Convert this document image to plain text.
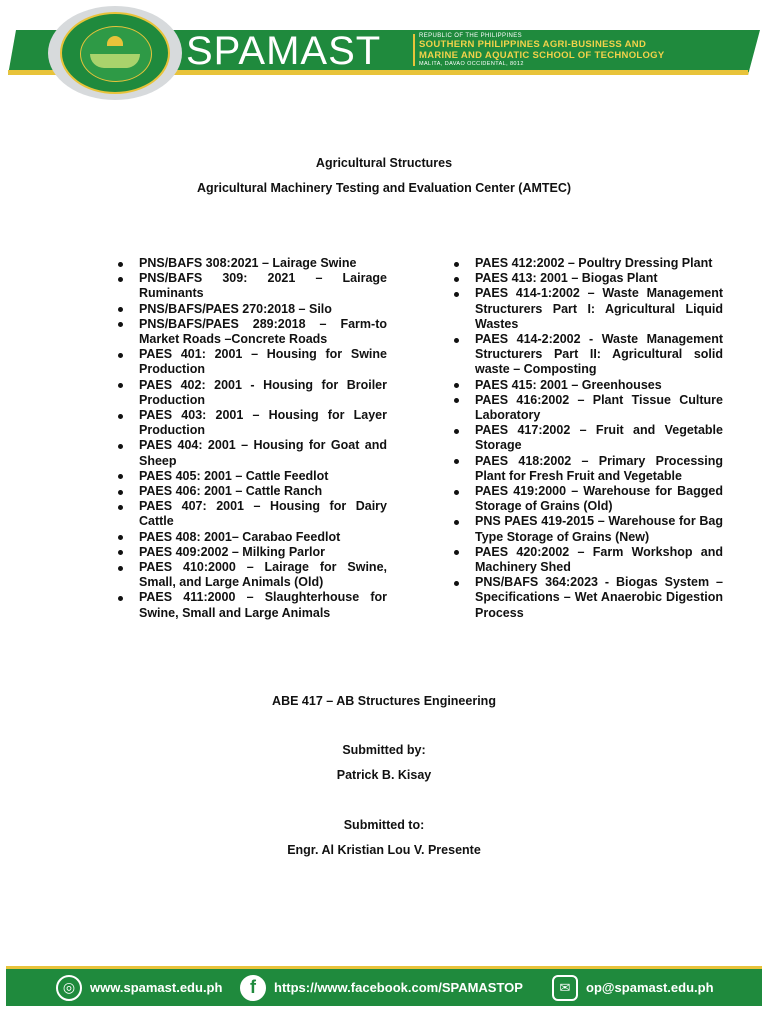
SPAMAST	REPUBLIC OF THE PHILIPPINES
SOUTHERN PHILIPPINES AGRI-BUSINESS AND
MARINE AND AQUATIC SCHOOL OF TECHNOLOGY
MALITA, DAVAO OCCIDENTAL, 8012
Agricultural Structures
Agricultural Machinery Testing and Evaluation Center (AMTEC)
PNS/BAFS 308:2021 – Lairage Swine
PNS/BAFS 309: 2021 – Lairage Ruminants
PNS/BAFS/PAES 270:2018 – Silo
PNS/BAFS/PAES 289:2018 – Farm-to Market Roads –Concrete Roads
PAES 401: 2001 – Housing for Swine Production
PAES 402: 2001 - Housing for Broiler Production
PAES 403: 2001 – Housing for Layer Production
PAES 404: 2001 – Housing for Goat and Sheep
PAES 405: 2001 – Cattle Feedlot
PAES 406: 2001 – Cattle Ranch
PAES 407: 2001 – Housing for Dairy Cattle
PAES 408: 2001– Carabao Feedlot
PAES 409:2002 – Milking Parlor
PAES 410:2000 – Lairage for Swine, Small, and Large Animals (Old)
PAES 411:2000 – Slaughterhouse for Swine, Small and Large Animals
PAES 412:2002 – Poultry Dressing Plant
PAES 413: 2001 – Biogas Plant
PAES 414-1:2002 – Waste Management Structurers Part I: Agricultural Liquid Wastes
PAES 414-2:2002 - Waste Management Structurers Part II: Agricultural solid waste – Composting
PAES 415: 2001 – Greenhouses
PAES 416:2002 – Plant Tissue Culture Laboratory
PAES 417:2002 – Fruit and Vegetable Storage
PAES 418:2002 – Primary Processing Plant for Fresh Fruit and Vegetable
PAES 419:2000 – Warehouse for Bagged Storage of Grains (Old)
PNS PAES 419-2015 – Warehouse for Bag Type Storage of Grains (New)
PAES 420:2002 – Farm Workshop and Machinery Shed
PNS/BAFS 364:2023 - Biogas System – Specifications – Wet Anaerobic Digestion Process
ABE 417 – AB Structures Engineering
Submitted by:
Patrick B. Kisay
Submitted to:
Engr. Al Kristian Lou V. Presente
◎	www.spamast.edu.ph	f	https://www.facebook.com/SPAMASTOP	✉	op@spamast.edu.ph
